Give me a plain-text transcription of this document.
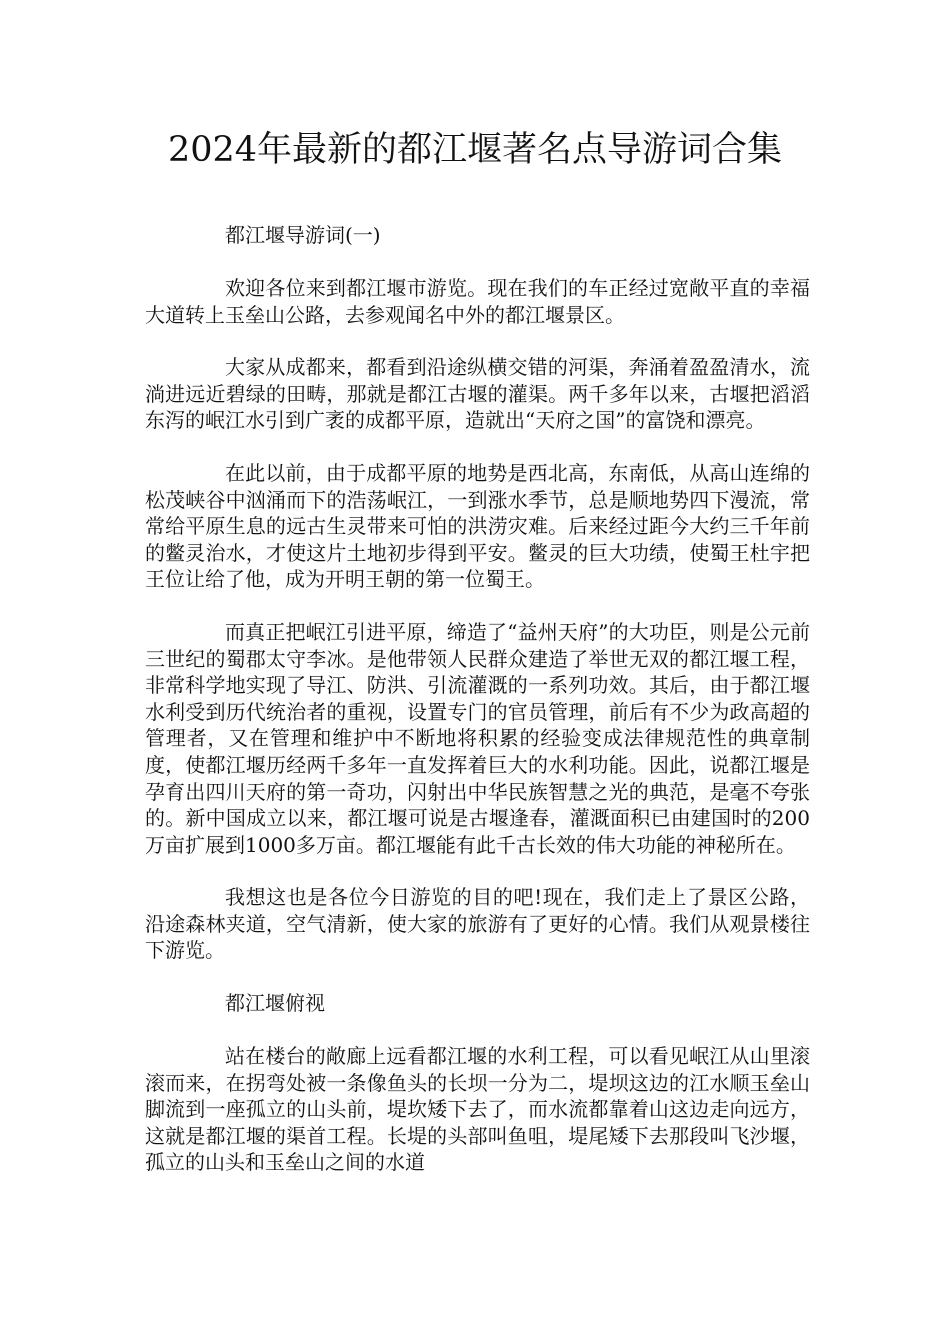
2024年最新的都江堰著名点导游词合集

都江堰导游词(一)

欢迎各位来到都江堰市游览。现在我们的车正经过宽敞平直的幸福大道转上玉垒山公路，去参观闻名中外的都江堰景区。

大家从成都来，都看到沿途纵横交错的河渠，奔涌着盈盈清水，流淌进远近碧绿的田畴，那就是都江古堰的灌渠。两千多年以来，古堰把滔滔东泻的岷江水引到广袤的成都平原，造就出“天府之国”的富饶和漂亮。

在此以前，由于成都平原的地势是西北高，东南低，从高山连绵的松茂峡谷中汹涌而下的浩荡岷江，一到涨水季节，总是顺地势四下漫流，常常给平原生息的远古生灵带来可怕的洪涝灾难。后来经过距今大约三千年前的鳖灵治水，才使这片土地初步得到平安。鳖灵的巨大功绩，使蜀王杜宇把王位让给了他，成为开明王朝的第一位蜀王。

而真正把岷江引进平原，缔造了“益州天府”的大功臣，则是公元前三世纪的蜀郡太守李冰。是他带领人民群众建造了举世无双的都江堰工程，非常科学地实现了导江、防洪、引流灌溉的一系列功效。其后，由于都江堰水利受到历代统治者的重视，设置专门的官员管理，前后有不少为政高超的管理者，又在管理和维护中不断地将积累的经验变成法律规范性的典章制度，使都江堰历经两千多年一直发挥着巨大的水利功能。因此，说都江堰是孕育出四川天府的第一奇功，闪射出中华民族智慧之光的典范，是毫不夸张的。新中国成立以来，都江堰可说是古堰逢春，灌溉面积已由建国时的200万亩扩展到1000多万亩。都江堰能有此千古长效的伟大功能的神秘所在。

我想这也是各位今日游览的目的吧!现在，我们走上了景区公路，沿途森林夹道，空气清新，使大家的旅游有了更好的心情。我们从观景楼往下游览。

都江堰俯视

站在楼台的敞廊上远看都江堰的水利工程，可以看见岷江从山里滚滚而来，在拐弯处被一条像鱼头的长坝一分为二，堤坝这边的江水顺玉垒山脚流到一座孤立的山头前，堤坎矮下去了，而水流都靠着山这边走向远方，这就是都江堰的渠首工程。长堤的头部叫鱼咀，堤尾矮下去那段叫飞沙堰，孤立的山头和玉垒山之间的水道
